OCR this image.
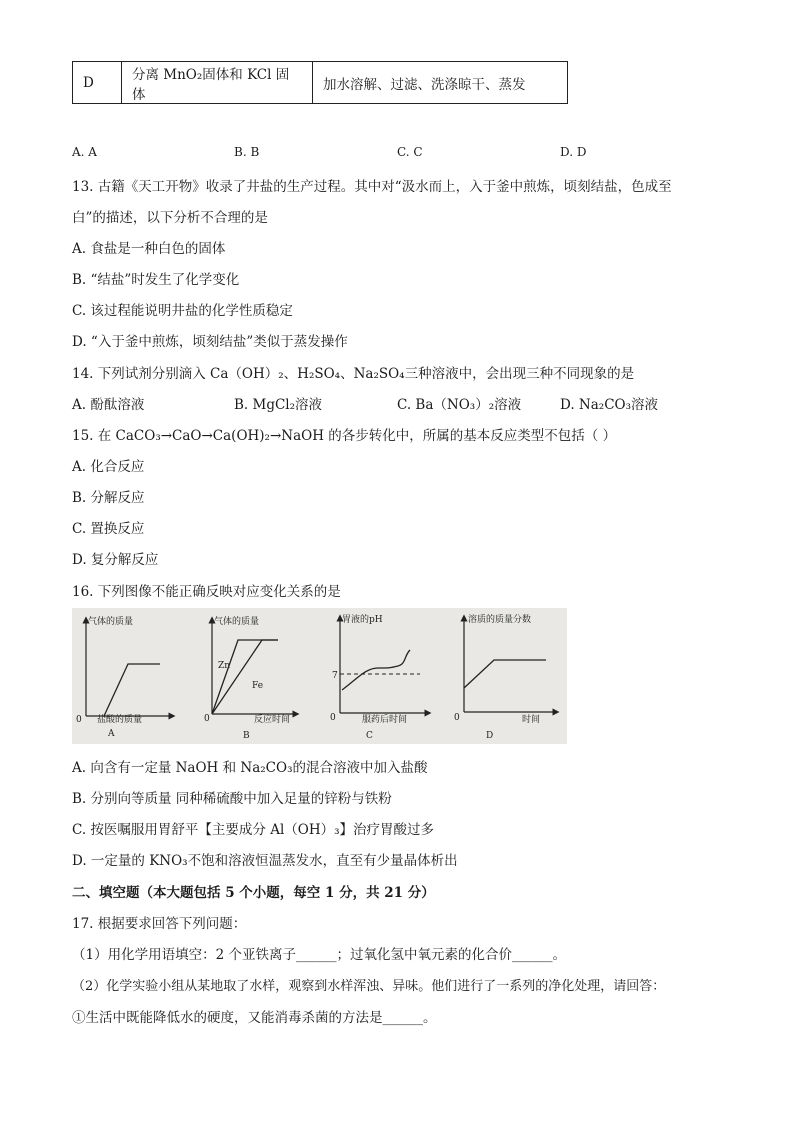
D	分离 MnO₂固体和 KCl 固体	加水溶解、过滤、洗涤晾干、蒸发
A. A	B. B	C. C	D. D
13. 古籍《天工开物》收录了井盐的生产过程。其中对“汲水而上，入于釜中煎炼，顷刻结盐，色成至
白”的描述，以下分析不合理的是
A. 食盐是一种白色的固体
B. “结盐”时发生了化学变化
C. 该过程能说明井盐的化学性质稳定
D. “入于釜中煎炼，顷刻结盐”类似于蒸发操作
14. 下列试剂分别滴入 Ca（OH）₂、H₂SO₄、Na₂SO₄三种溶液中，会出现三种不同现象的是
A. 酚酞溶液	B. MgCl₂溶液	C. Ba（NO₃）₂溶液	D. Na₂CO₃溶液
15. 在 CaCO₃→CaO→Ca(OH)₂→NaOH 的各步转化中，所属的基本反应类型不包括（ ）
A. 化合反应
B. 分解反应
C. 置换反应
D. 复分解反应
16. 下列图像不能正确反映对应变化关系的是
气体的质量
0 盐酸的质量
A
气体的质量
Zn
Fe
0	反应时间
B
胃液的pH
7
0	服药后时间
C
溶质的质量分数
0	时间
D
A. 向含有一定量 NaOH 和 Na₂CO₃的混合溶液中加入盐酸
B. 分别向等质量 同种稀硫酸中加入足量的锌粉与铁粉
C. 按医嘱服用胃舒平【主要成分 Al（OH）₃】治疗胃酸过多
D. 一定量的 KNO₃不饱和溶液恒温蒸发水，直至有少量晶体析出
二、填空题（本大题包括 5 个小题，每空 1 分，共 21 分）
17. 根据要求回答下列问题：
（1）用化学用语填空：2 个亚铁离子______；过氧化氢中氧元素的化合价______。
（2）化学实验小组从某地取了水样，观察到水样浑浊、异味。他们进行了一系列的净化处理，请回答：
①生活中既能降低水的硬度，又能消毒杀菌的方法是______。
